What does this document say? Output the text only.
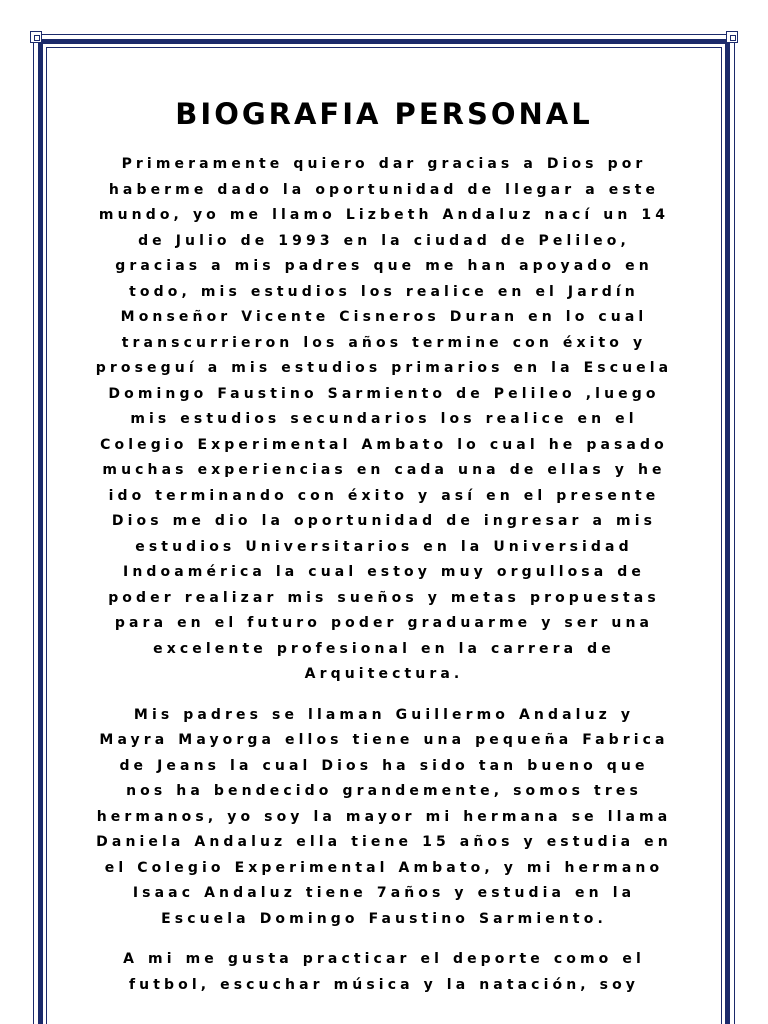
BIOGRAFIA PERSONAL

Primeramente quiero dar gracias a Dios por haberme dado la oportunidad de llegar a este mundo, yo me llamo Lizbeth Andaluz nací un 14 de Julio de 1993 en la ciudad de Pelileo, gracias a mis padres que me han apoyado en todo, mis estudios los realice en el Jardín Monseñor Vicente Cisneros Duran en lo cual transcurrieron los años termine con éxito y proseguí a mis estudios primarios en la Escuela Domingo Faustino Sarmiento de Pelileo ,luego mis estudios secundarios los realice en el Colegio Experimental Ambato lo cual he pasado muchas experiencias en cada una de ellas y he ido terminando con éxito y así en el presente Dios me dio la oportunidad de ingresar a mis estudios Universitarios en la Universidad Indoamérica la cual estoy muy orgullosa de poder realizar mis sueños y metas propuestas para en el futuro poder graduarme y ser una excelente profesional en la carrera de Arquitectura.

Mis padres se llaman Guillermo Andaluz y Mayra Mayorga ellos tiene una pequeña Fabrica de Jeans la cual Dios ha sido tan bueno que nos ha bendecido grandemente, somos tres hermanos, yo soy la mayor mi hermana se llama Daniela Andaluz ella tiene 15 años y estudia en el Colegio Experimental Ambato, y mi hermano Isaac Andaluz tiene 7años y estudia en la Escuela Domingo Faustino Sarmiento.

A mi me gusta practicar el deporte como el futbol, escuchar música y la natación, soy
